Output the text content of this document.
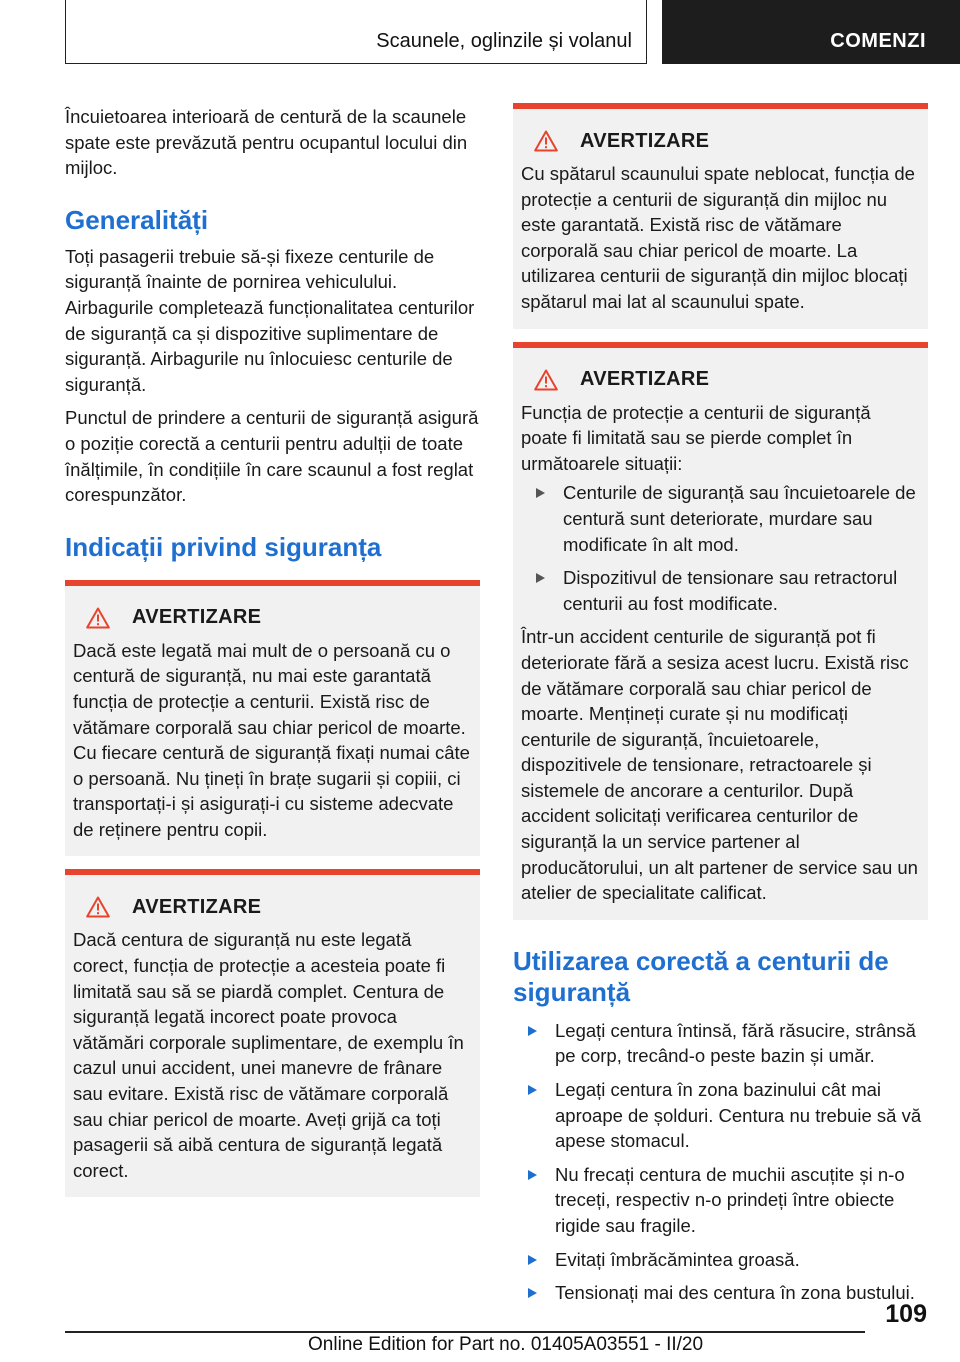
Scaunele, oglinzile și volanul	COMENZI

Încuietoarea interioară de centură de la scaunele spate este prevăzută pentru ocupantul locului din mijloc.

Generalități

Toți pasagerii trebuie să-și fixeze centurile de siguranță înainte de pornirea vehiculului. Airbagurile completează funcționalitatea centurilor de siguranță ca și dispozitive suplimentare de siguranță. Airbagurile nu înlocuiesc centurile de siguranță.

Punctul de prindere a centurii de siguranță asigură o poziție corectă a centurii pentru adulții de toate înălțimile, în condițiile în care scaunul a fost reglat corespunzător.

Indicații privind siguranța
AVERTIZARE

Dacă este legată mai mult de o persoană cu o centură de siguranță, nu mai este garantată funcția de protecție a centurii. Există risc de vătămare corporală sau chiar pericol de moarte. Cu fiecare centură de siguranță fixați numai câte o persoană. Nu țineți în brațe sugarii și copiii, ci transportați-i și asigurați-i cu sisteme adecvate de reținere pentru copii.

AVERTIZARE

Dacă centura de siguranță nu este legată corect, funcția de protecție a acesteia poate fi limitată sau să se piardă complet. Centura de siguranță legată incorect poate provoca vătămări corporale suplimentare, de exemplu în cazul unui accident, unei manevre de frânare sau evitare. Există risc de vătămare corporală sau chiar pericol de moarte. Aveți grijă ca toți pasagerii să aibă centura de siguranță legată corect.

AVERTIZARE

Cu spătarul scaunului spate neblocat, funcția de protecție a centurii de siguranță din mijloc nu este garantată. Există risc de vătămare corporală sau chiar pericol de moarte. La utilizarea centurii de siguranță din mijloc blocați spătarul mai lat al scaunului spate.

AVERTIZARE

Funcția de protecție a centurii de siguranță poate fi limitată sau se pierde complet în următoarele situații:

Centurile de siguranță sau încuietoarele de centură sunt deteriorate, murdare sau modificate în alt mod.
Dispozitivul de tensionare sau retractorul centurii au fost modificate.

Într-un accident centurile de siguranță pot fi deteriorate fără a sesiza acest lucru. Există risc de vătămare corporală sau chiar pericol de moarte. Mențineți curate și nu modificați centurile de siguranță, încuietoarele, dispozitivele de tensionare, retractoarele și sistemele de ancorare a centurilor. După accident solicitați verificarea centurilor de siguranță la un service partener al producătorului, un alt partener de service sau un atelier de specialitate calificat.

Utilizarea corectă a centurii de siguranță
Legați centura întinsă, fără răsucire, strânsă pe corp, trecând-o peste bazin și umăr.
Legați centura în zona bazinului cât mai aproape de șolduri. Centura nu trebuie să vă apese stomacul.
Nu frecați centura de muchii ascuțite și n-o treceți, respectiv n-o prindeți între obiecte rigide sau fragile.
Evitați îmbrăcămintea groasă.
Tensionați mai des centura în zona bustului.
109
Online Edition for Part no. 01405A03551 - II/20
